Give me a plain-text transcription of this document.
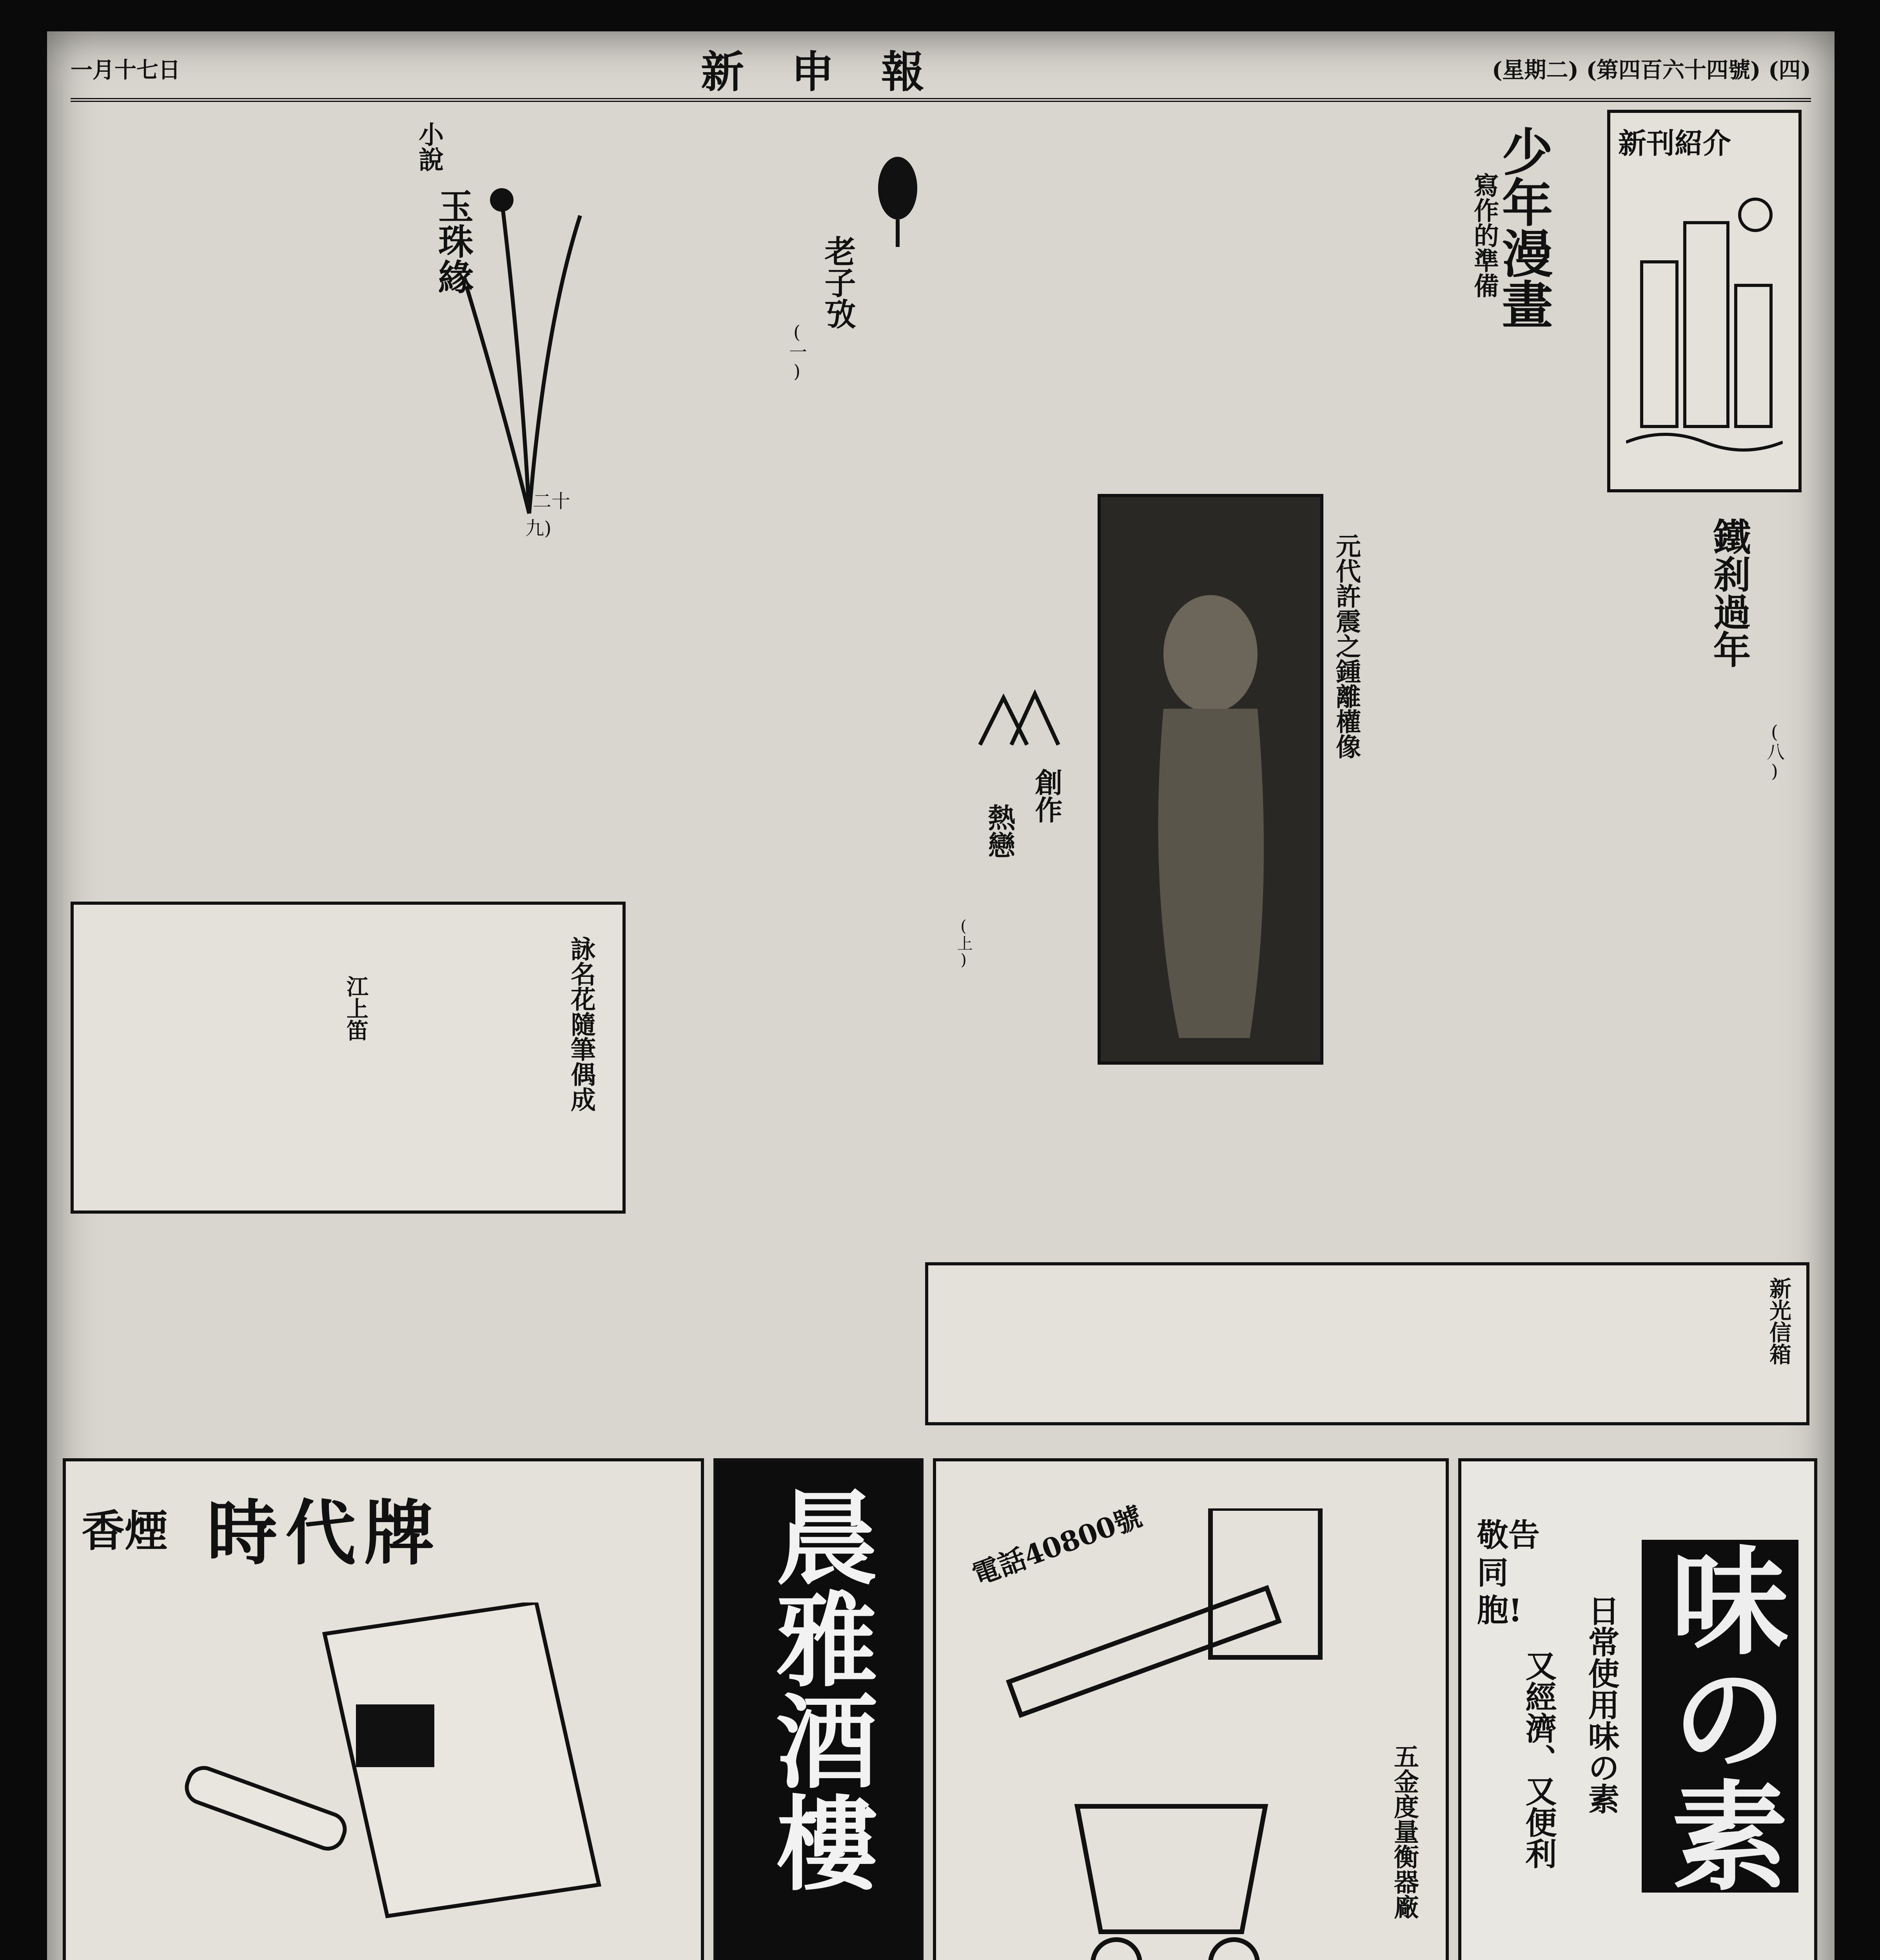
一月十七日	新申報	(星期二) (第四百六十四號) (四)
新刊紹介
少年漫畫
寫作的準備
小說
玉珠緣
(二十九)
老子攷
(一)
鐵刹過年
(八)
元代許震之鍾離權像
創作
熱戀
(上)
詠名花隨筆偶成
江上笛
新光信箱
時代牌
香煙	晨雅酒樓	電話40800號
五金度量衡器廠
敬告同胞!	日常使用味の素
又經濟、又便利 味の素
